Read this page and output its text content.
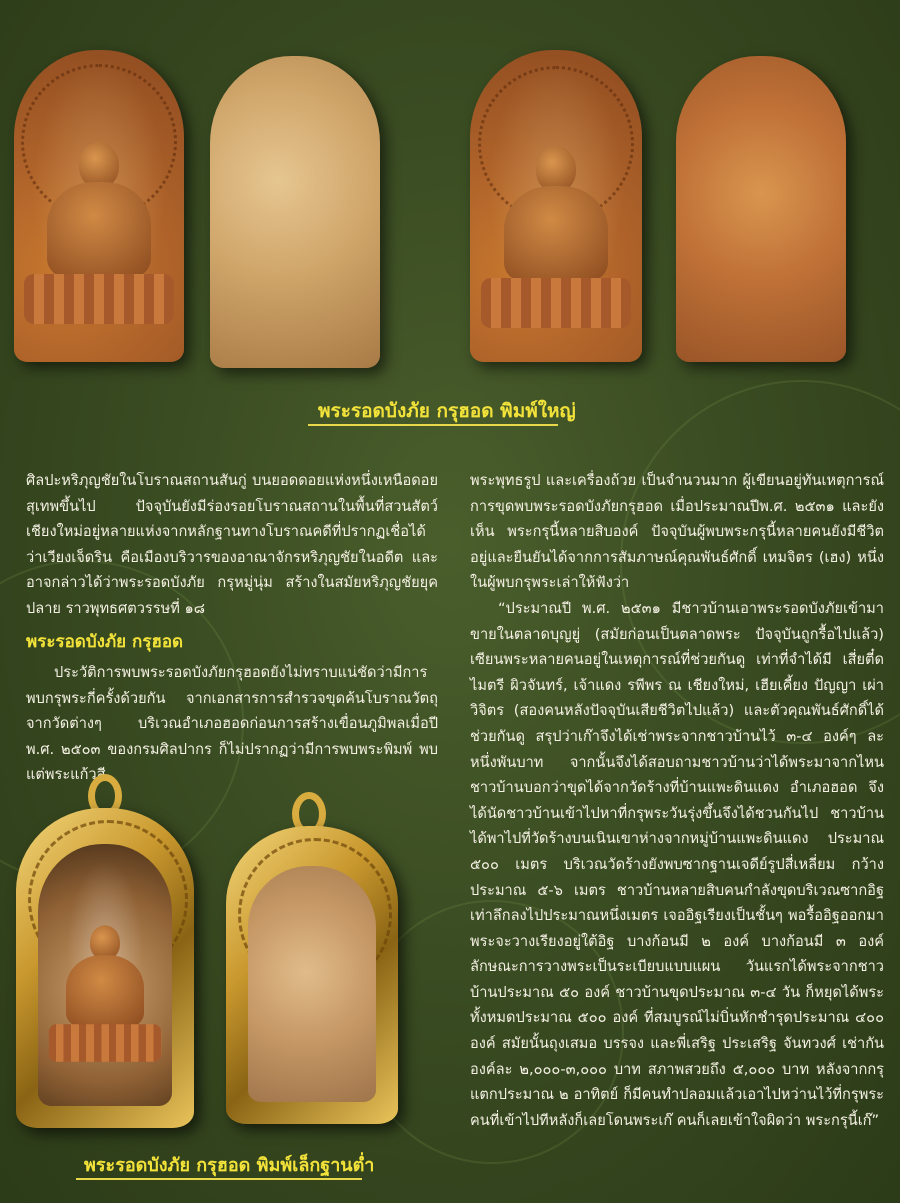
พระรอดบังภัย กรุฮอด พิมพ์ใหญ่

ศิลปะหริภุญชัยในโบราณสถานสันกู่ บนยอดดอยแห่งหนึ่งเหนือดอยสุเทพขึ้นไป ปัจจุบันยังมีร่องรอยโบราณสถานในพื้นที่สวนสัตว์เชียงใหม่อยู่หลายแห่งจากหลักฐานทางโบราณคดีที่ปรากฏเชื่อได้ว่าเวียงเจ็ดริน คือเมืองบริวารของอาณาจักรหริภุญชัยในอดีต และอาจกล่าวได้ว่าพระรอดบังภัย กรุหมู่นุ่ม สร้างในสมัยหริภุญชัยยุคปลาย ราวพุทธศตวรรษที่ ๑๘

พระรอดบังภัย กรุฮอด

ประวัติการพบพระรอดบังภัยกรุฮอดยังไม่ทราบแน่ชัดว่ามีการ พบกรุพระกี่ครั้งด้วยกัน จากเอกสารการสำรวจขุดค้นโบราณวัตถุจากวัดต่างๆ บริเวณอำเภอฮอดก่อนการสร้างเขื่อนภูมิพลเมื่อปี พ.ศ. ๒๕๐๓ ของกรมศิลปากร ก็ไม่ปรากฏว่ามีการพบพระพิมพ์ พบแต่พระแก้วสี

พระพุทธรูป และเครื่องถ้วย เป็นจำนวนมาก ผู้เขียนอยู่ทันเหตุการณ์การขุดพบพระรอดบังภัยกรุฮอด เมื่อประมาณปีพ.ศ. ๒๕๓๑ และยังเห็น พระกรุนี้หลายสิบองค์ ปัจจุบันผู้พบพระกรุนี้หลายคนยังมีชีวิตอยู่และยืนยันได้จากการสัมภาษณ์คุณพันธ์ศักดิ์ เหมจิตร (เฮง) หนึ่งในผู้พบกรุพระเล่าให้ฟังว่า

“ประมาณปี พ.ศ. ๒๕๓๑ มีชาวบ้านเอาพระรอดบังภัยเข้ามาขายในตลาดบุญยู่ (สมัยก่อนเป็นตลาดพระ ปัจจุบันถูกรื้อไปแล้ว) เซียนพระหลายคนอยู่ในเหตุการณ์ที่ช่วยกันดู เท่าที่จำได้มี เสี่ยตี๋ด ไมตรี ผิวจันทร์, เจ้าแดง รพีพร ณ เชียงใหม่, เฮียเคี้ยง ปัญญา เผ่าวิจิตร (สองคนหลังปัจจุบันเสียชีวิตไปแล้ว) และตัวคุณพันธ์ศักดิ์ได้ช่วยกันดู สรุปว่าเก๊าจึงได้เช่าพระจากชาวบ้านไว้ ๓-๔ องค์ๆ ละหนึ่งพันบาท จากนั้นจึงได้สอบถามชาวบ้านว่าได้พระมาจากไหน ชาวบ้านบอกว่าขุดได้จากวัดร้างที่บ้านแพะดินแดง อำเภอฮอด จึงได้นัดชาวบ้านเข้าไปหาที่กรุพระวันรุ่งขึ้นจึงได้ชวนกันไป ชาวบ้าน ได้พาไปที่วัดร้างบนเนินเขาห่างจากหมู่บ้านแพะดินแดง ประมาณ ๕๐๐ เมตร บริเวณวัดร้างยังพบซากฐานเจดีย์รูปสี่เหลี่ยม กว้างประมาณ ๕-๖ เมตร ชาวบ้านหลายสิบคนกำลังขุดบริเวณซากอิฐเท่าลึกลงไปประมาณหนึ่งเมตร เจออิฐเรียงเป็นชั้นๆ พอรื้ออิฐออกมา พระจะวางเรียงอยู่ใต้อิฐ บางก้อนมี ๒ องค์ บางก้อนมี ๓ องค์ ลักษณะการวางพระเป็นระเบียบแบบแผน วันแรกได้พระจากชาวบ้านประมาณ ๕๐ องค์ ชาวบ้านขุดประมาณ ๓-๔ วัน ก็หยุดได้พระทั้งหมดประมาณ ๕๐๐ องค์ ที่สมบูรณ์ไม่บิ่นหักชำรุดประมาณ ๔๐๐ องค์ สมัยนั้นถุงเสมอ บรรจง และพี่เสริฐ ประเสริฐ จันทวงศ์ เช่ากันองค์ละ ๒,๐๐๐-๓,๐๐๐ บาท สภาพสวยถึง ๕,๐๐๐ บาท หลังจากกรุแตกประมาณ ๒ อาทิตย์ ก็มีคนทำปลอมแล้วเอาไปหว่านไว้ที่กรุพระคนที่เข้าไปทีหลังก็เลยโดนพระเก๊ คนก็เลยเข้าใจผิดว่า พระกรุนี้เก๊”

พระรอดบังภัย กรุฮอด พิมพ์เล็กฐานต่ำ
